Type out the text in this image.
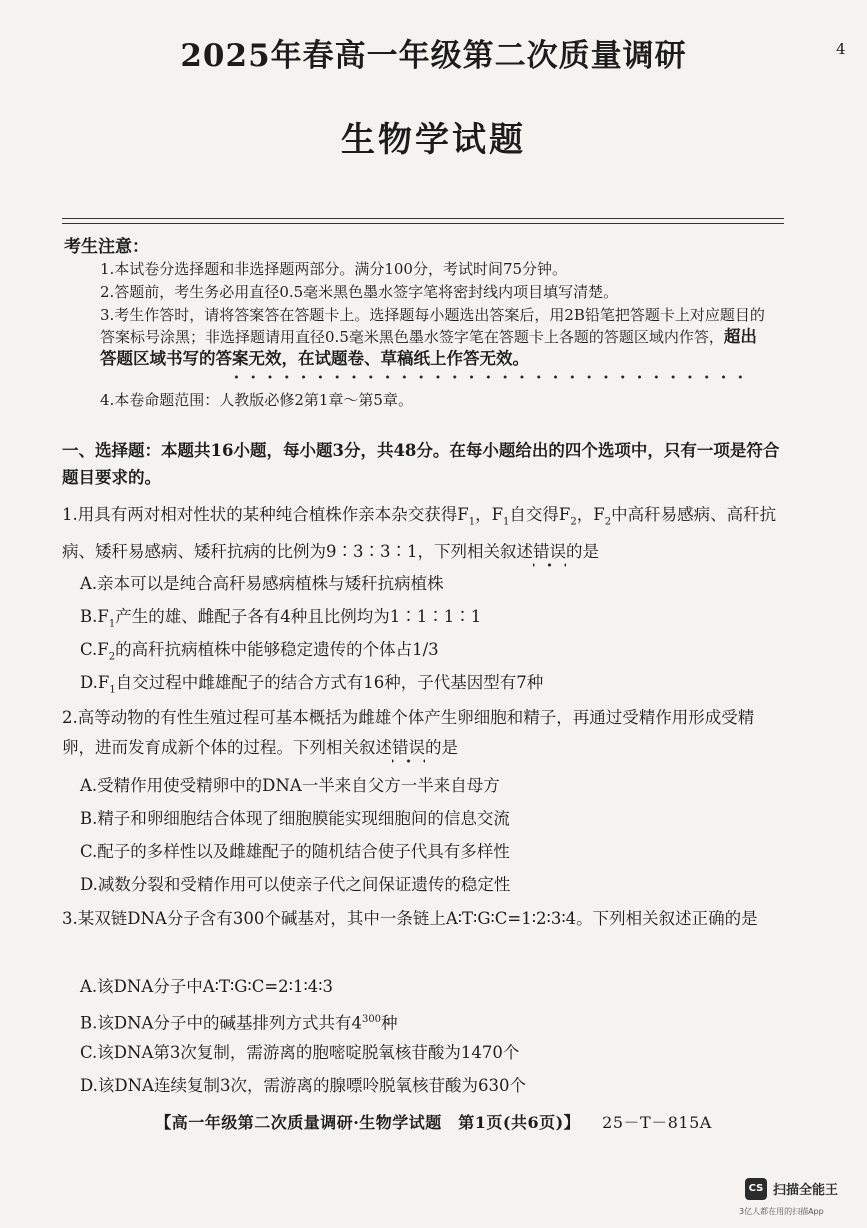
4
2025年春高一年级第二次质量调研
生物学试题
考生注意：
1.本试卷分选择题和非选择题两部分。满分100分，考试时间75分钟。
2.答题前，考生务必用直径0.5毫米黑色墨水签字笔将密封线内项目填写清楚。
3.考生作答时，请将答案答在答题卡上。选择题每小题选出答案后，用2B铅笔把答题卡上对应题目的答案标号涂黑；非选择题请用直径0.5毫米黑色墨水签字笔在答题卡上各题的答题区域内作答，超出答题区域书写的答案无效，在试题卷、草稿纸上作答无效。
4.本卷命题范围：人教版必修2第1章～第5章。
一、选择题：本题共16小题，每小题3分，共48分。在每小题给出的四个选项中，只有一项是符合题目要求的。
1.用具有两对相对性状的某种纯合植株作亲本杂交获得$F_1$，$F_1$自交得$F_2$，$F_2$中高秆易感病、高秆抗病、矮秆易感病、矮秆抗病的比例为9∶3∶3∶1，下列相关叙述错误的是
A.亲本可以是纯合高秆易感病植株与矮秆抗病植株
$B.F_1$产生的雄、雌配子各有4种且比例均为1∶1∶1∶1
$C.F_2$的高秆抗病植株中能够稳定遗传的个体占1/3
$D.F_1$自交过程中雌雄配子的结合方式有16种，子代基因型有7种
2.高等动物的有性生殖过程可基本概括为雌雄个体产生卵细胞和精子，再通过受精作用形成受精卵，进而发育成新个体的过程。下列相关叙述错误的是
A.受精作用使受精卵中的DNA一半来自父方一半来自母方
B.精子和卵细胞结合体现了细胞膜能实现细胞间的信息交流
C.配子的多样性以及雌雄配子的随机结合使子代具有多样性
D.减数分裂和受精作用可以使亲子代之间保证遗传的稳定性
3.某双链DNA分子含有300个碱基对，其中一条链上A∶T∶G∶C=1∶2∶3∶4。下列相关叙述正确的是
A.该DNA分子中A∶T∶G∶C=2∶1∶4∶3
B.该DNA分子中的碱基排列方式共有$4^{300}$种
C.该DNA第3次复制，需游离的胞嘧啶脱氧核苷酸为1470个
D.该DNA连续复制3次，需游离的腺嘌呤脱氧核苷酸为630个
【高一年级第二次质量调研·生物学试题　第1页(共6页)】 25－T－815A
CS 扫描全能王
3亿人都在用的扫描App
